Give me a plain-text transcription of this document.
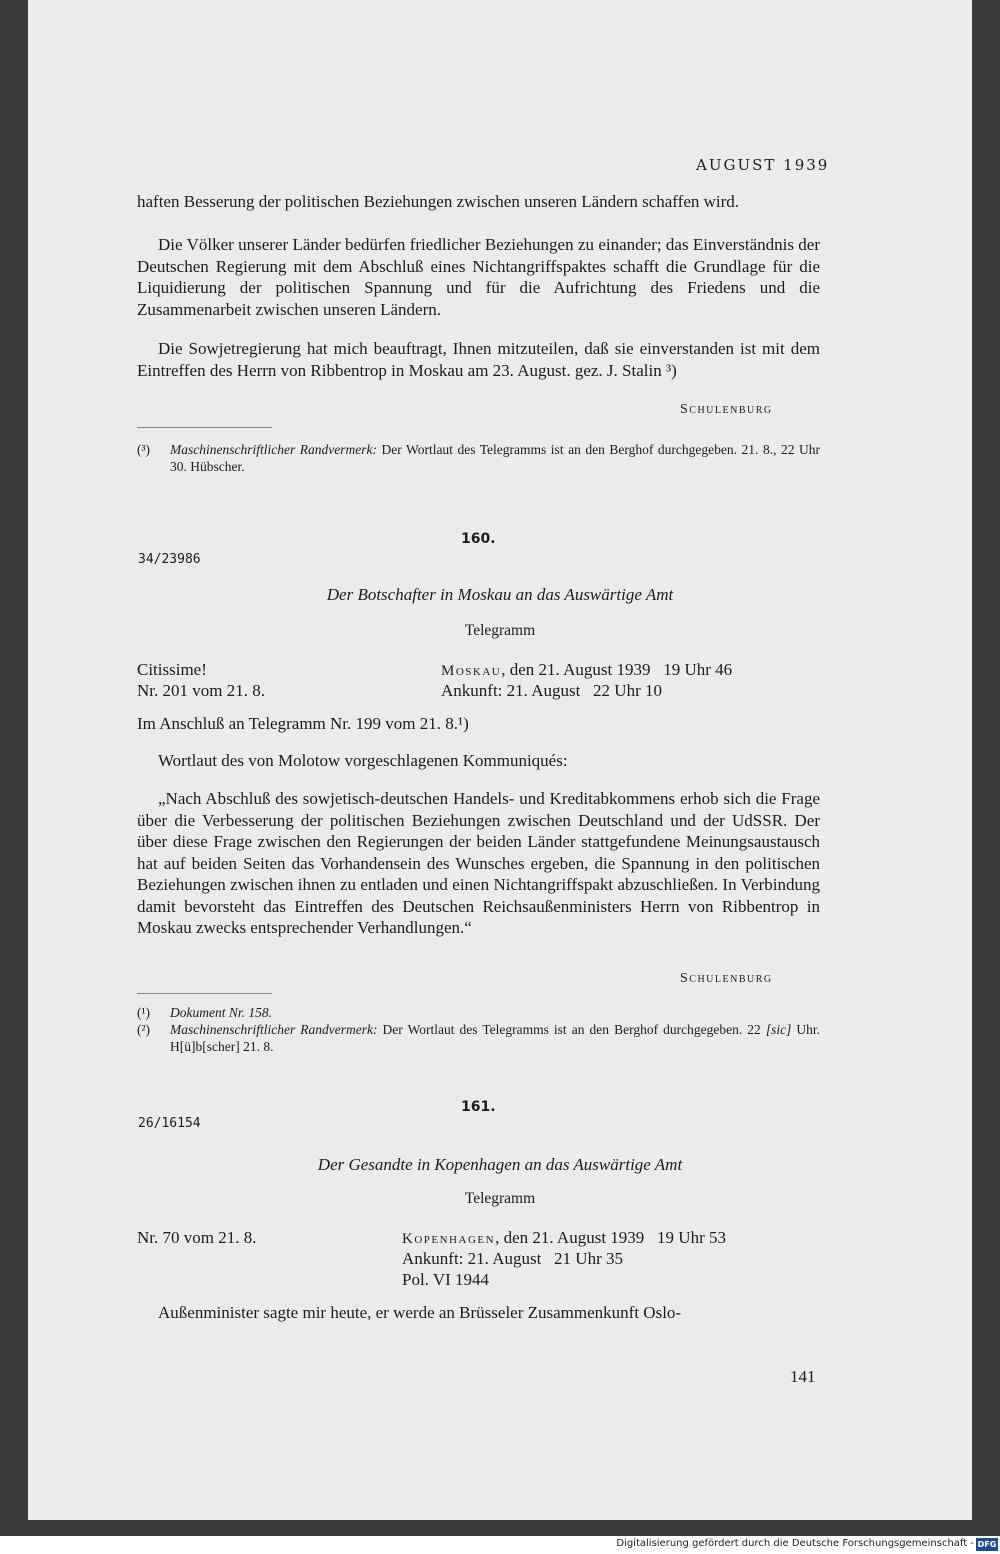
AUGUST 1939
haften Besserung der politischen Beziehungen zwischen unseren Ländern schaffen wird.
Die Völker unserer Länder bedürfen friedlicher Beziehungen zu einander; das Einverständnis der Deutschen Regierung mit dem Abschluß eines Nichtangriffspaktes schafft die Grundlage für die Liquidierung der politischen Spannung und für die Aufrichtung des Friedens und die Zusammenarbeit zwischen unseren Ländern.
Die Sowjetregierung hat mich beauftragt, Ihnen mitzuteilen, daß sie einverstanden ist mit dem Eintreffen des Herrn von Ribbentrop in Moskau am 23. August. gez. J. Stalin ³)
Schulenburg
(³) Maschinenschriftlicher Randvermerk: Der Wortlaut des Telegramms ist an den Berghof durchgegeben. 21. 8., 22 Uhr 30. Hübscher.
160.
34/23986
Der Botschafter in Moskau an das Auswärtige Amt
Telegramm
Citissime!
Nr. 201 vom 21. 8.
Moskau, den 21. August 1939   19 Uhr 46
Ankunft: 21. August   22 Uhr 10
Im Anschluß an Telegramm Nr. 199 vom 21. 8.¹)
Wortlaut des von Molotow vorgeschlagenen Kommuniqués:
„Nach Abschluß des sowjetisch-deutschen Handels- und Kreditabkommens erhob sich die Frage über die Verbesserung der politischen Beziehungen zwischen Deutschland und der UdSSR. Der über diese Frage zwischen den Regierungen der beiden Länder stattgefundene Meinungsaustausch hat auf beiden Seiten das Vorhandensein des Wunsches ergeben, die Spannung in den politischen Beziehungen zwischen ihnen zu entladen und einen Nichtangriffspakt abzuschließen. In Verbindung damit bevorsteht das Eintreffen des Deutschen Reichsaußenministers Herrn von Ribbentrop in Moskau zwecks entsprechender Verhandlungen.“
Schulenburg
(¹) Dokument Nr. 158.
(²) Maschinenschriftlicher Randvermerk: Der Wortlaut des Telegramms ist an den Berghof durchgegeben. 22 [sic] Uhr. H[ü]b[scher] 21. 8.
161.
26/16154
Der Gesandte in Kopenhagen an das Auswärtige Amt
Telegramm
Nr. 70 vom 21. 8.	Kopenhagen, den 21. August 1939   19 Uhr 53
Ankunft: 21. August   21 Uhr 35
Pol. VI 1944
Außenminister sagte mir heute, er werde an Brüsseler Zusammenkunft Oslo-
141
Digitalisierung gefördert durch die Deutsche Forschungsgemeinschaft - DFG
